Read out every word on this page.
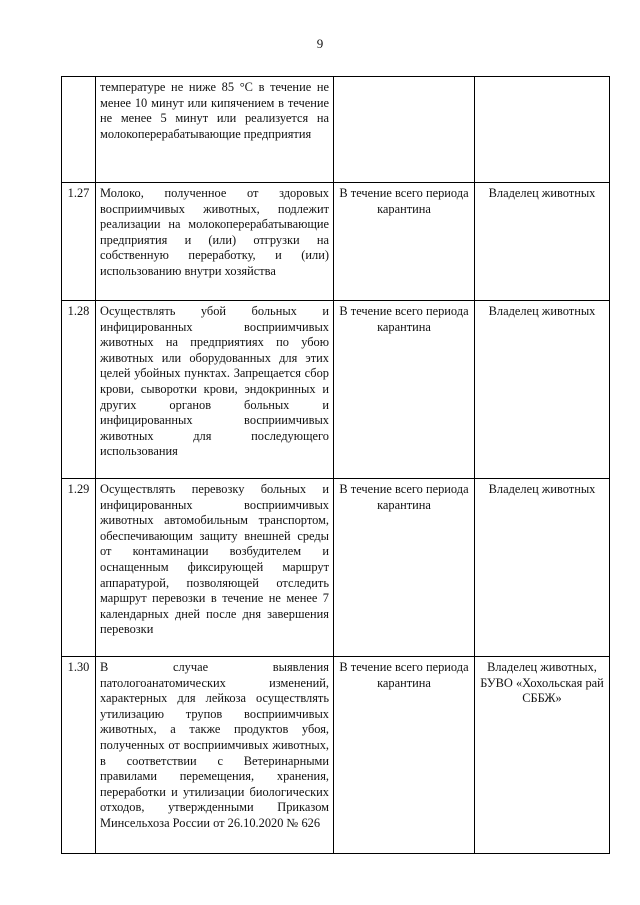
9
	температуре не ниже 85 °С в течение не менее 10 минут или кипячением в течение не менее 5 минут или реализуется на молокоперерабатывающие предприятия		
1.27	Молоко, полученное от здоровых восприимчивых животных, подлежит реализации на молокоперерабатывающие предприятия и (или) отгрузки на собственную переработку, и (или) использованию внутри хозяйства	В течение всего периода карантина	Владелец животных
1.28	Осуществлять убой больных и инфицированных восприимчивых животных на предприятиях по убою животных или оборудованных для этих целей убойных пунктах. Запрещается сбор крови, сыворотки крови, эндокринных и других органов больных и инфицированных восприимчивых животных для последующего использования	В течение всего периода карантина	Владелец животных
1.29	Осуществлять перевозку больных и инфицированных восприимчивых животных автомобильным транспортом, обеспечивающим защиту внешней среды от контаминации возбудителем и оснащенным фиксирующей маршрут аппаратурой, позволяющей отследить маршрут перевозки в течение не менее 7 календарных дней после дня завершения перевозки	В течение всего периода карантина	Владелец животных
1.30	В случае выявления патологоанатомических изменений, характерных для лейкоза осуществлять утилизацию трупов восприимчивых животных, а также продуктов убоя, полученных от восприимчивых животных, в соответствии с Ветеринарными правилами перемещения, хранения, переработки и утилизации биологических отходов, утвержденными Приказом Минсельхоза России от 26.10.2020 № 626	В течение всего периода карантина	Владелец животных, БУВО «Хохольская рай СББЖ»
